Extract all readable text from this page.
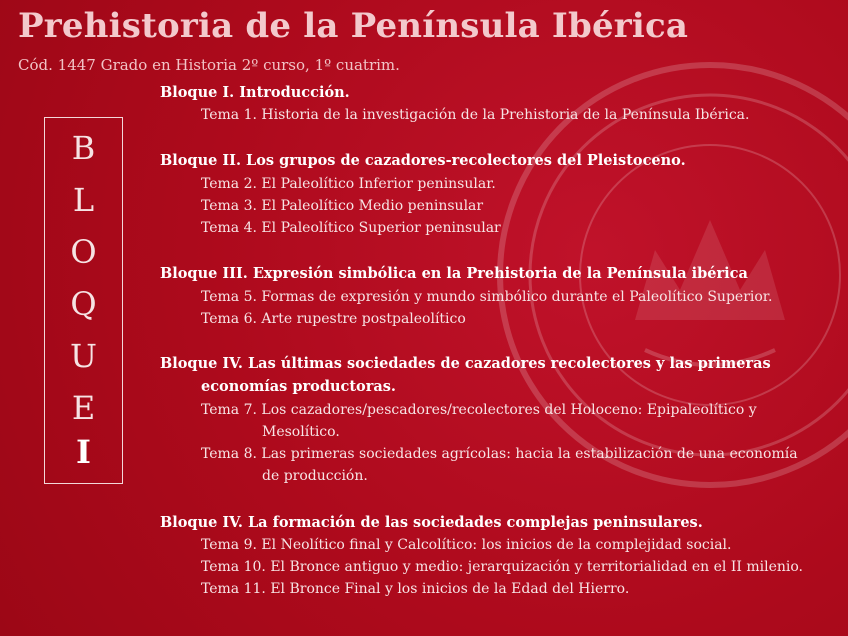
Prehistoria de la Península Ibérica
Cód. 1447 Grado en Historia 2º curso, 1º cuatrim.
B
L
O
Q
U
E
I
Bloque I. Introducción.
Tema 1. Historia de la investigación de la Prehistoria de la Península Ibérica.
Bloque II. Los grupos de cazadores-recolectores del Pleistoceno.
Tema 2. El Paleolítico Inferior peninsular.
Tema 3. El Paleolítico Medio peninsular
Tema 4. El Paleolítico Superior peninsular
Bloque III. Expresión simbólica en la Prehistoria de la Península ibérica
Tema 5. Formas de expresión y mundo simbólico durante el Paleolítico Superior.
Tema 6. Arte rupestre postpaleolítico
Bloque IV. Las últimas sociedades de cazadores recolectores y las primeras
economías productoras.
Tema 7. Los cazadores/pescadores/recolectores del Holoceno: Epipaleolítico y
Mesolítico.
Tema 8. Las primeras sociedades agrícolas: hacia la estabilización de una economía
de producción.
Bloque IV. La formación de las sociedades complejas peninsulares.
Tema 9. El Neolítico final y Calcolítico: los inicios de la complejidad social.
Tema 10. El Bronce antiguo y medio: jerarquización y territorialidad en el II milenio.
Tema 11. El Bronce Final y los inicios de la Edad del Hierro.
